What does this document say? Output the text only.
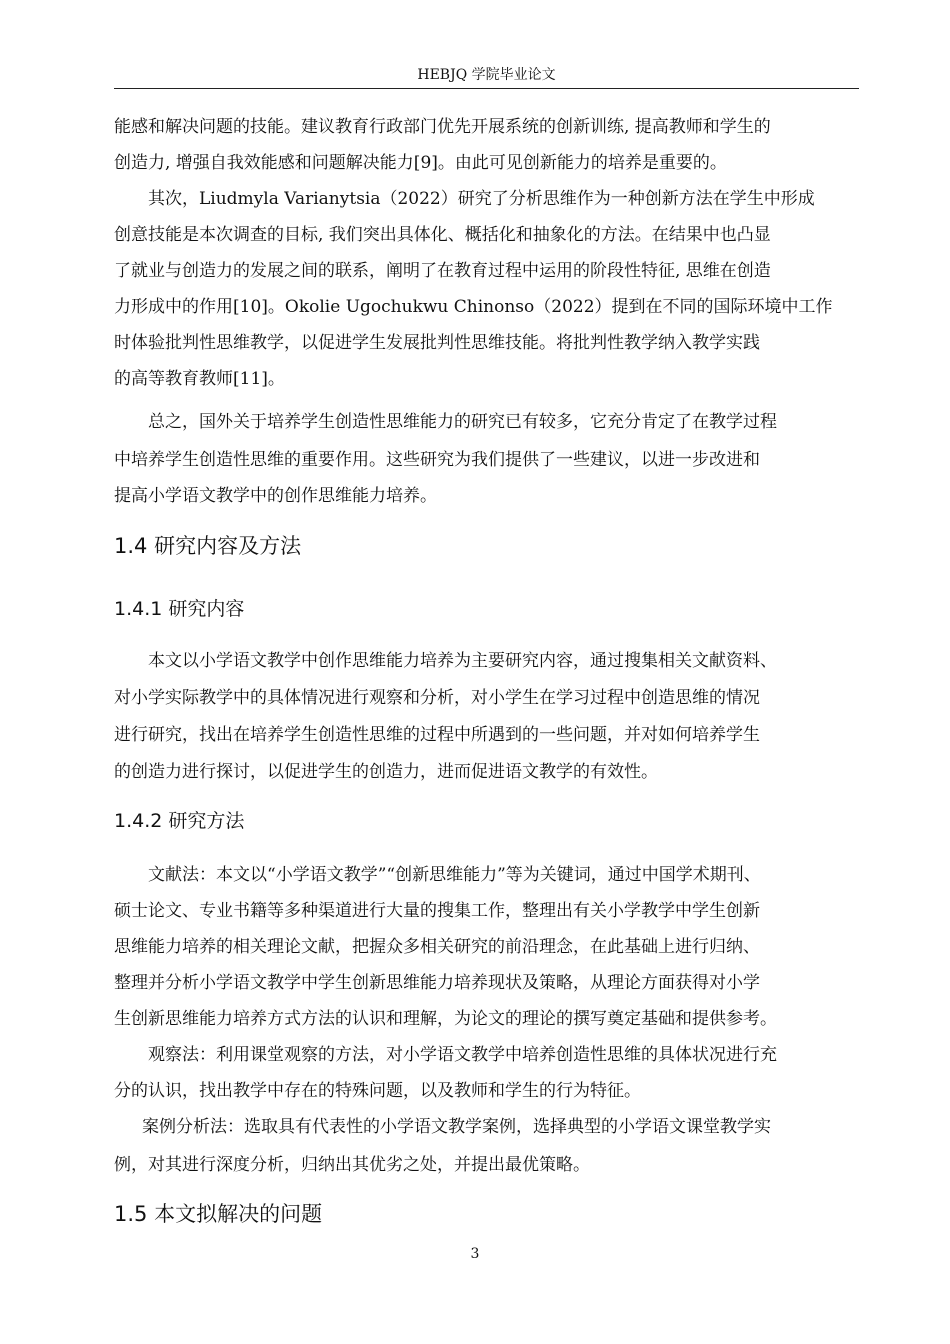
HEBJQ 学院毕业论文
能感和解决问题的技能。建议教育行政部门优先开展系统的创新训练, 提高教师和学生的
创造力, 增强自我效能感和问题解决能力[9]。由此可见创新能力的培养是重要的。
其次，Liudmyla Varianytsia（2022）研究了分析思维作为一种创新方法在学生中形成
创意技能是本次调查的目标, 我们突出具体化、概括化和抽象化的方法。在结果中也凸显
了就业与创造力的发展之间的联系，阐明了在教育过程中运用的阶段性特征, 思维在创造
力形成中的作用[10]。Okolie Ugochukwu Chinonso（2022）提到在不同的国际环境中工作
时体验批判性思维教学，以促进学生发展批判性思维技能。将批判性教学纳入教学实践
的高等教育教师[11]。
总之，国外关于培养学生创造性思维能力的研究已有较多，它充分肯定了在教学过程
中培养学生创造性思维的重要作用。这些研究为我们提供了一些建议，以进一步改进和
提高小学语文教学中的创作思维能力培养。
1.4 研究内容及方法
1.4.1 研究内容
本文以小学语文教学中创作思维能力培养为主要研究内容，通过搜集相关文献资料、
对小学实际教学中的具体情况进行观察和分析，对小学生在学习过程中创造思维的情况
进行研究，找出在培养学生创造性思维的过程中所遇到的一些问题，并对如何培养学生
的创造力进行探讨，以促进学生的创造力，进而促进语文教学的有效性。
1.4.2 研究方法
文献法：本文以“小学语文教学”“创新思维能力”等为关键词，通过中国学术期刊、
硕士论文、专业书籍等多种渠道进行大量的搜集工作，整理出有关小学教学中学生创新
思维能力培养的相关理论文献，把握众多相关研究的前沿理念，在此基础上进行归纳、
整理并分析小学语文教学中学生创新思维能力培养现状及策略，从理论方面获得对小学
生创新思维能力培养方式方法的认识和理解，为论文的理论的撰写奠定基础和提供参考。
观察法：利用课堂观察的方法，对小学语文教学中培养创造性思维的具体状况进行充
分的认识，找出教学中存在的特殊问题，以及教师和学生的行为特征。
案例分析法：选取具有代表性的小学语文教学案例，选择典型的小学语文课堂教学实
例，对其进行深度分析，归纳出其优劣之处，并提出最优策略。
1.5 本文拟解决的问题
3
